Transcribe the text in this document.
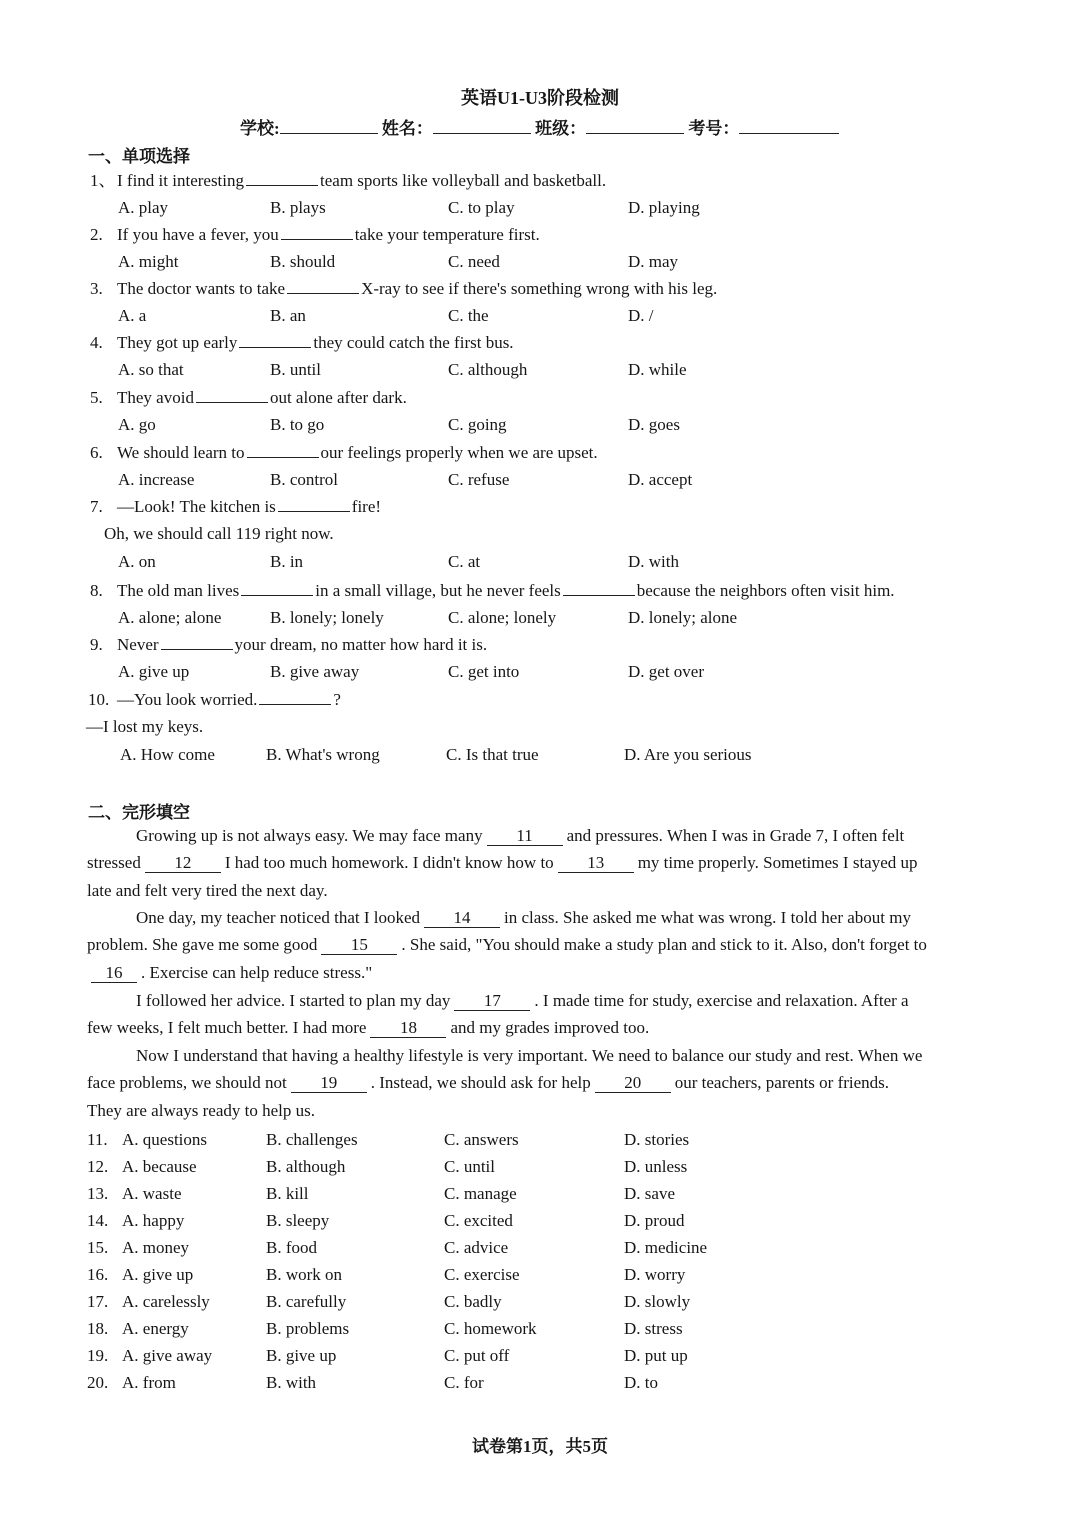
英语U1-U3阶段检测
学校:	姓名：	班级：	考号：
一、单项选择
1、 I find it interesting	team sports like volleyball and basketball.
A. play	B. plays	C. to play	D. playing
2. If you have a fever, you	take your temperature first.
A. might	B. should	C. need	D. may
3. The doctor wants to take	X-ray to see if there's something wrong with his leg.
A. a	B. an	C. the	D. /
4. They got up early	they could catch the first bus.
A. so that	B. until	C. although	D. while
5. They avoid	out alone after dark.
A. go	B. to go	C. going	D. goes
6. We should learn to	our feelings properly when we are upset.
A. increase	B. control	C. refuse	D. accept
7. —Look! The kitchen is	fire!
Oh, we should call 119 right now.
A. on	B. in	C. at	D. with
8. The old man lives	in a small village, but he never feels	because the neighbors often visit him.
A. alone; alone	B. lonely; lonely	C. alone; lonely	D. lonely; alone
9. Never	your dream, no matter how hard it is.
A. give up	B. give away	C. get into	D. get over
10. —You look worried.	?
—I lost my keys.
A. How come	B. What's wrong	C. Is that true	D. Are you serious
二、完形填空
Growing up is not always easy. We may face many 11 and pressures. When I was in Grade 7, I often felt
stressed 12 I had too much homework. I didn't know how to 13 my time properly. Sometimes I stayed up
late and felt very tired the next day.
One day, my teacher noticed that I looked 14 in class. She asked me what was wrong. I told her about my
problem. She gave me some good 15 . She said, "You should make a study plan and stick to it. Also, don't forget to
16 . Exercise can help reduce stress."
I followed her advice. I started to plan my day 17 . I made time for study, exercise and relaxation. After a
few weeks, I felt much better. I had more 18 and my grades improved too.
Now I understand that having a healthy lifestyle is very important. We need to balance our study and rest. When we
face problems, we should not 19 . Instead, we should ask for help 20 our teachers, parents or friends.
They are always ready to help us.
11. A. questions	B. challenges	C. answers	D. stories
12. A. because	B. although	C. until	D. unless
13. A. waste	B. kill	C. manage	D. save
14. A. happy	B. sleepy	C. excited	D. proud
15. A. money	B. food	C. advice	D. medicine
16. A. give up	B. work on	C. exercise	D. worry
17. A. carelessly	B. carefully	C. badly	D. slowly
18. A. energy	B. problems	C. homework	D. stress
19. A. give away	B. give up	C. put off	D. put up
20. A. from	B. with	C. for	D. to
试卷第1页，共5页
